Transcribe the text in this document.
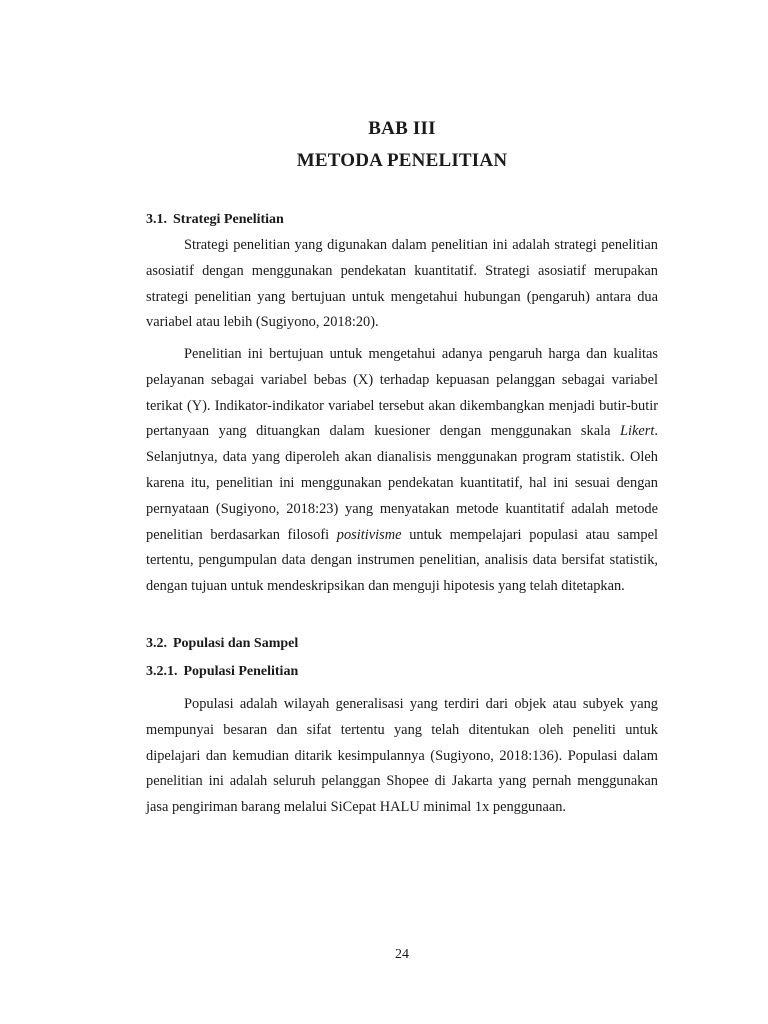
BAB III
METODA PENELITIAN
3.1. Strategi Penelitian

Strategi penelitian yang digunakan dalam penelitian ini adalah strategi penelitian asosiatif dengan menggunakan pendekatan kuantitatif. Strategi asosiatif merupakan strategi penelitian yang bertujuan untuk mengetahui hubungan (pengaruh) antara dua variabel atau lebih (Sugiyono, 2018:20).

Penelitian ini bertujuan untuk mengetahui adanya pengaruh harga dan kualitas pelayanan sebagai variabel bebas (X) terhadap kepuasan pelanggan sebagai variabel terikat (Y). Indikator-indikator variabel tersebut akan dikembangkan menjadi butir-butir pertanyaan yang dituangkan dalam kuesioner dengan menggunakan skala Likert. Selanjutnya, data yang diperoleh akan dianalisis menggunakan program statistik. Oleh karena itu, penelitian ini menggunakan pendekatan kuantitatif, hal ini sesuai dengan pernyataan (Sugiyono, 2018:23) yang menyatakan metode kuantitatif adalah metode penelitian berdasarkan filosofi positivisme untuk mempelajari populasi atau sampel tertentu, pengumpulan data dengan instrumen penelitian, analisis data bersifat statistik, dengan tujuan untuk mendeskripsikan dan menguji hipotesis yang telah ditetapkan.

3.2. Populasi dan Sampel
3.2.1. Populasi Penelitian

Populasi adalah wilayah generalisasi yang terdiri dari objek atau subyek yang mempunyai besaran dan sifat tertentu yang telah ditentukan oleh peneliti untuk dipelajari dan kemudian ditarik kesimpulannya (Sugiyono, 2018:136). Populasi dalam penelitian ini adalah seluruh pelanggan Shopee di Jakarta yang pernah menggunakan jasa pengiriman barang melalui SiCepat HALU minimal 1x penggunaan.

24
